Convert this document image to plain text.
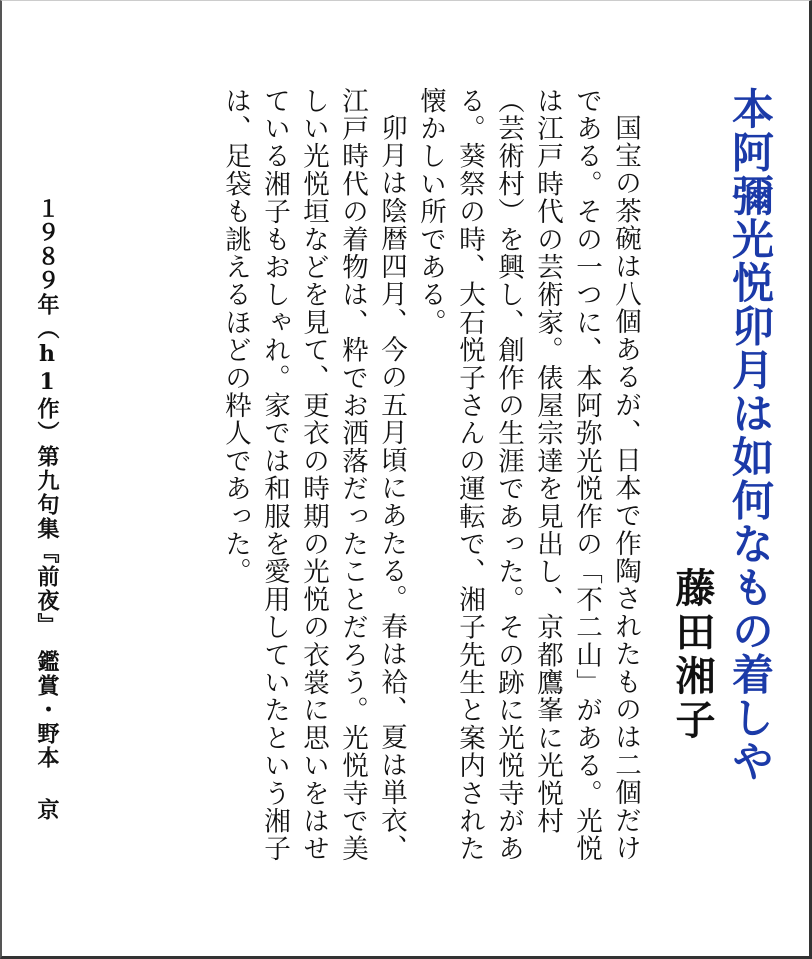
本阿彌光悦卯月は如何なもの着しや
藤田湘子

国宝の茶碗は八個あるが、日本で作陶されたものは二個だけである。その一つに、本阿弥光悦作の「不二山」がある。光悦は江戸時代の芸術家。俵屋宗達を見出し、京都鷹峯に光悦村（芸術村）を興し、創作の生涯であった。その跡に光悦寺がある。葵祭の時、大石悦子さんの運転で、湘子先生と案内された懐かしい所である。

卯月は陰暦四月、今の五月頃にあたる。春は袷、夏は単衣、江戸時代の着物は、粋でお洒落だったことだろう。光悦寺で美しい光悦垣などを見て、更衣の時期の光悦の衣裳に思いをはせている湘子もおしゃれ。家では和服を愛用していたという湘子は、足袋も誂えるほどの粋人であった。

１９８９年（h1作）第九句集『前夜』　鑑賞・野本 京
